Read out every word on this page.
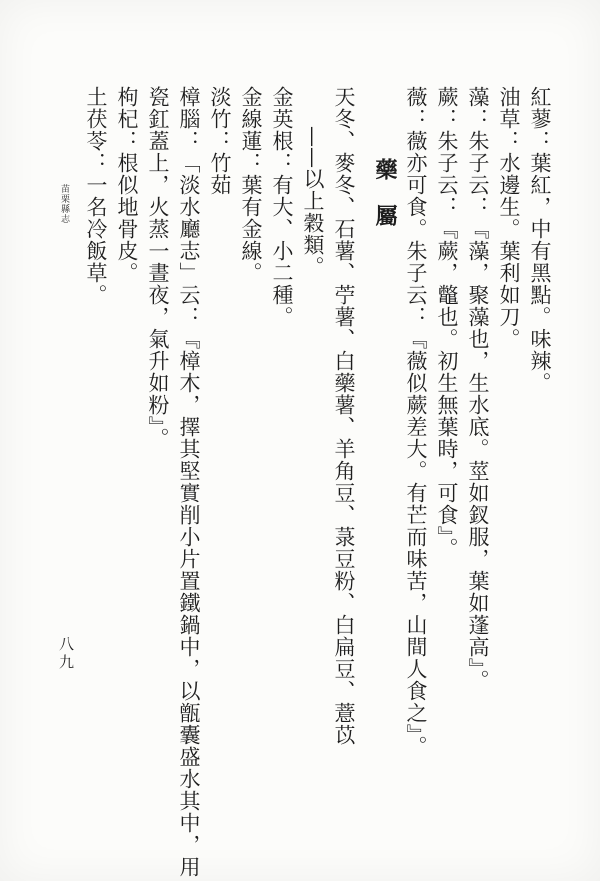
紅蓼：葉紅，中有黑點。味辣。
油草：水邊生。葉利如刀。
藻：朱子云：『藻，聚藻也，生水底。莖如釵服，葉如蓬高』。
蕨：朱子云：『蕨，鼈也。初生無葉時，可食』。
薇：薇亦可食。朱子云：『薇似蕨差大。有芒而味苦，山間人食之』。
藥　屬
天冬、麥冬、石薯、苧薯、白藥薯、羊角豆、菉豆粉、白扁豆、薏苡
——以上穀類。
金英根：有大、小二種。
金線蓮：葉有金線。
淡竹：竹茹
樟腦：「淡水廳志」云：『樟木，擇其堅實削小片置鐵鍋中，以甑囊盛水其中，用
瓷釭蓋上，火蒸一晝夜，氣升如粉』。
枸杞：根似地骨皮。
土茯苓：一名冷飯草。
苗栗縣志
八九
